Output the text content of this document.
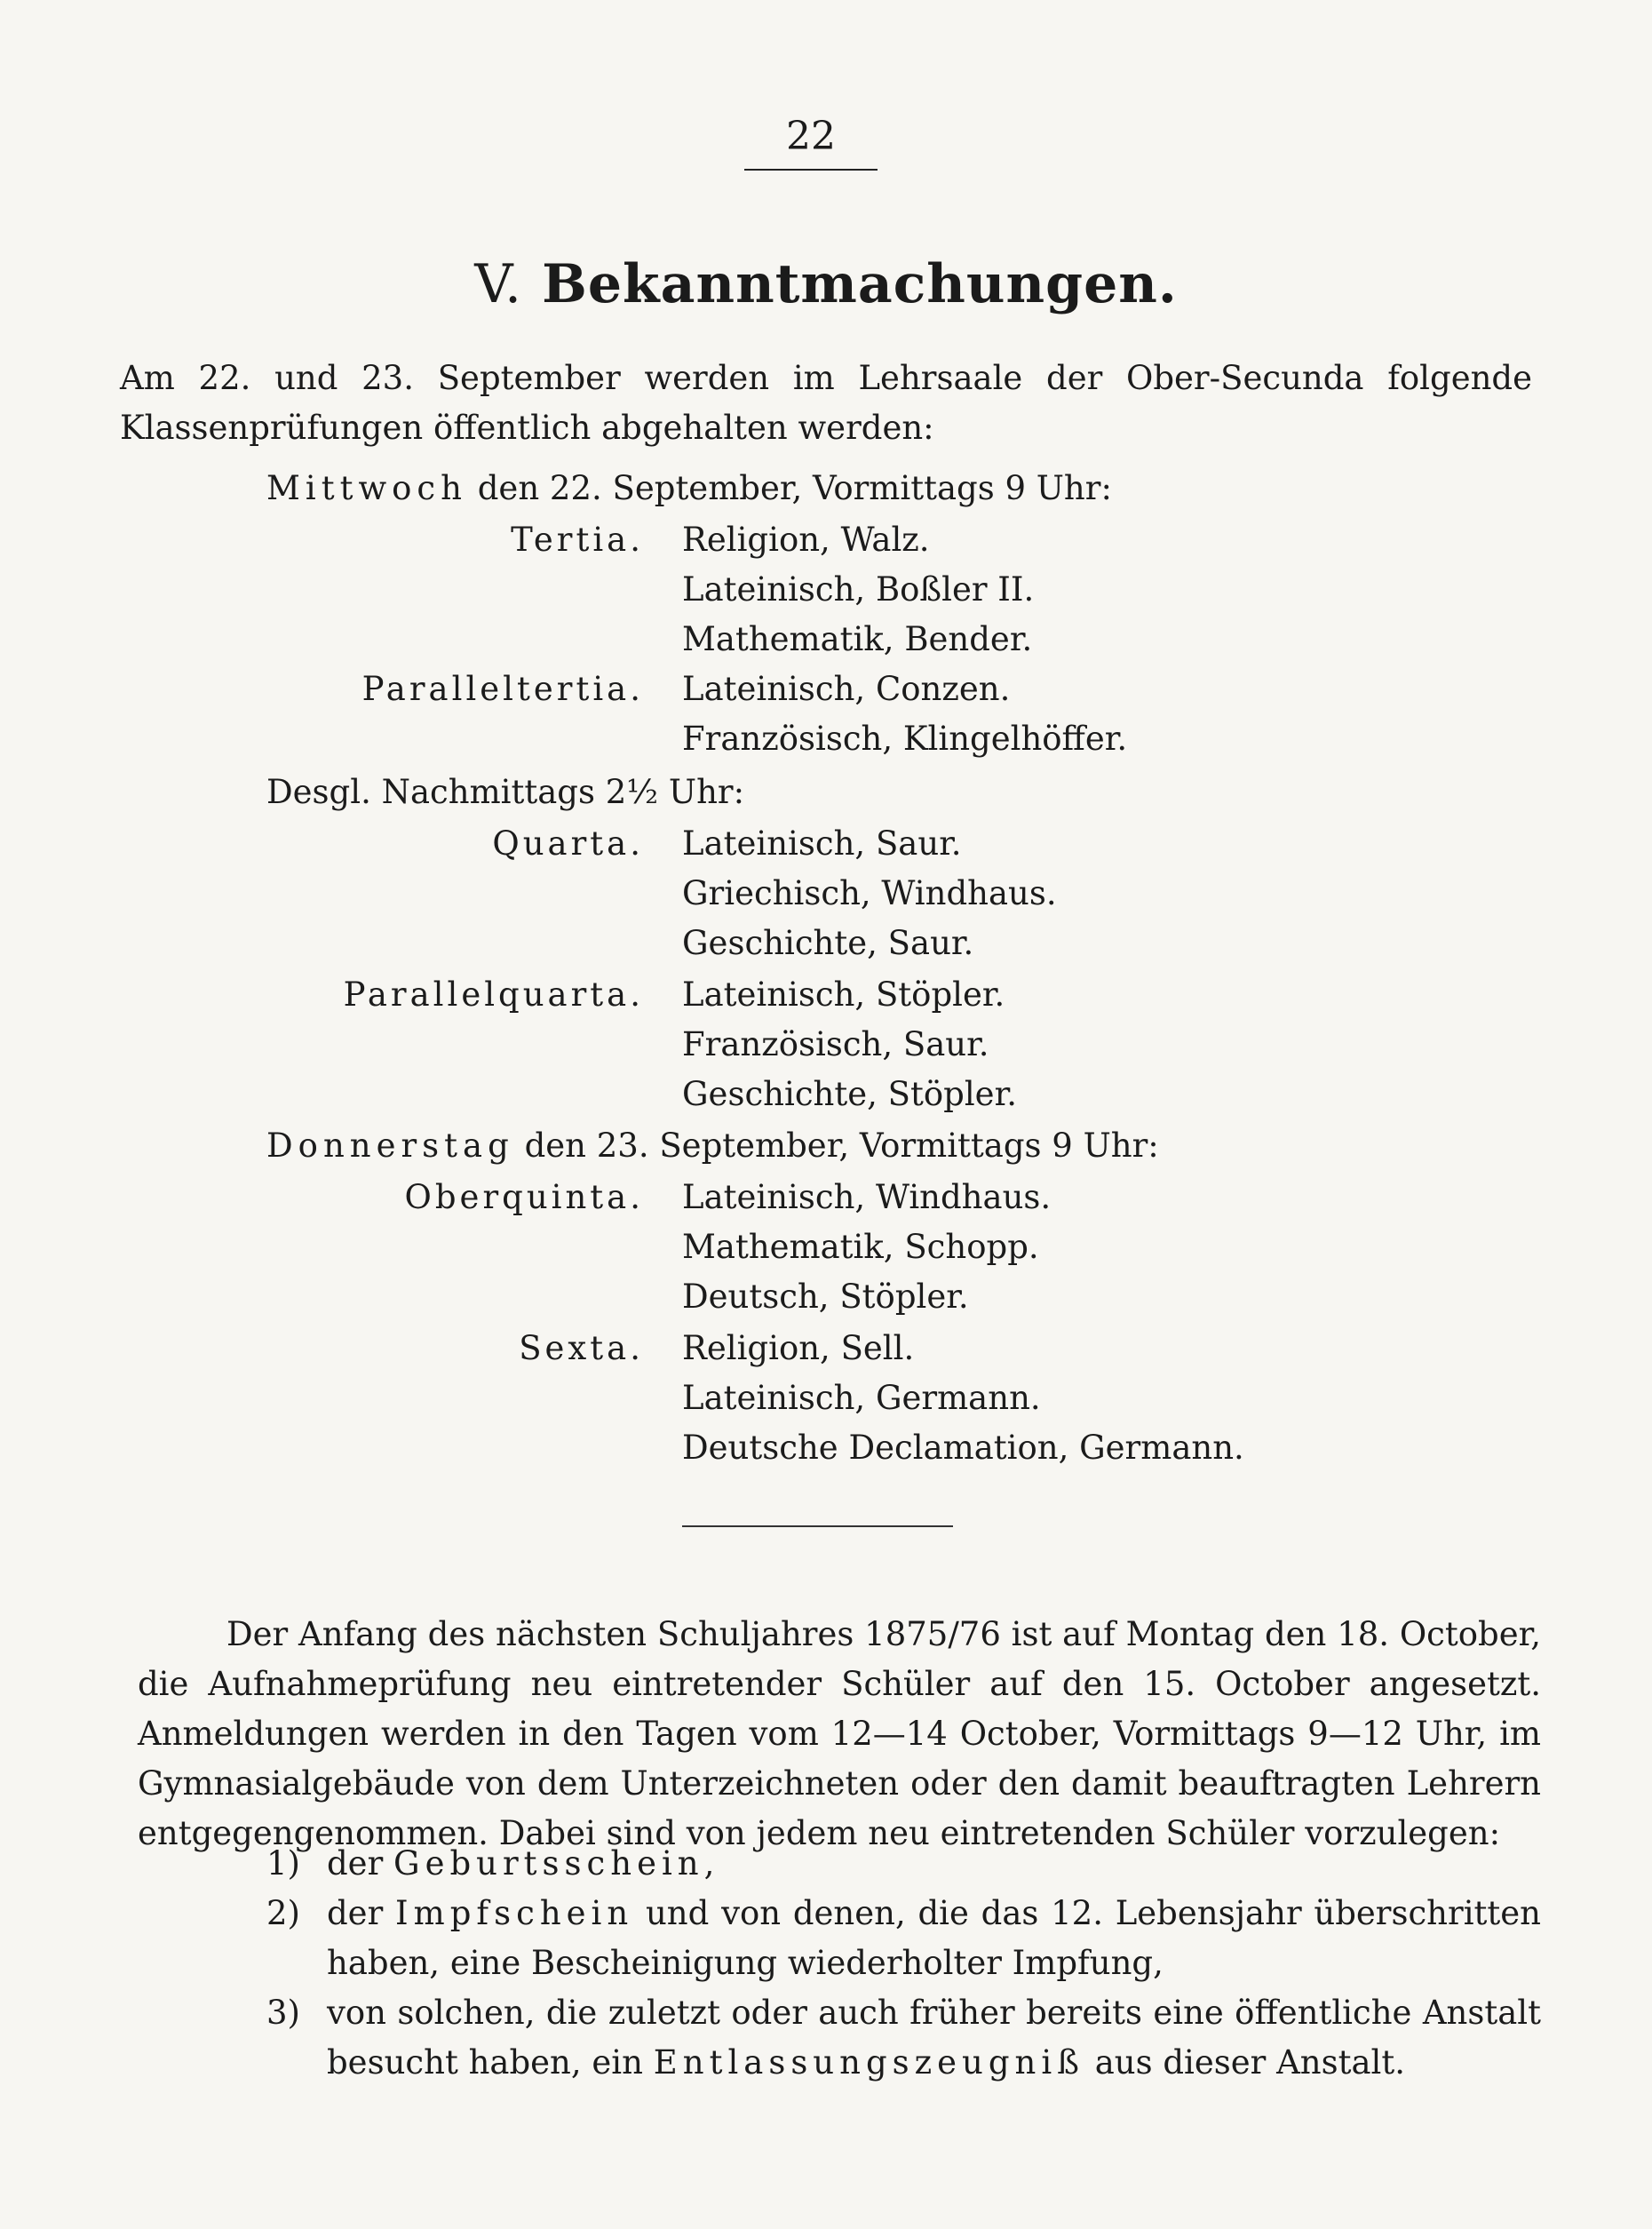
22
V. Bekanntmachungen.
Am 22. und 23. September werden im Lehrsaale der Ober-Secunda folgende Klassenprüfungen öffentlich abgehalten werden:
Mittwoch den 22. September, Vormittags 9 Uhr:
Tertia. Religion, Walz.
Lateinisch, Boßler II.
Mathematik, Bender.
Paralleltertia. Lateinisch, Conzen.
Französisch, Klingelhöffer.
Desgl. Nachmittags 2½ Uhr:
Quarta. Lateinisch, Saur.
Griechisch, Windhaus.
Geschichte, Saur.
Parallelquarta. Lateinisch, Stöpler.
Französisch, Saur.
Geschichte, Stöpler.
Donnerstag den 23. September, Vormittags 9 Uhr:
Oberquinta. Lateinisch, Windhaus.
Mathematik, Schopp.
Deutsch, Stöpler.
Sexta. Religion, Sell.
Lateinisch, Germann.
Deutsche Declamation, Germann.
Der Anfang des nächsten Schuljahres 1875/76 ist auf Montag den 18. October, die Aufnahmeprüfung neu eintretender Schüler auf den 15. October angesetzt. Anmeldungen werden in den Tagen vom 12—14 October, Vormittags 9—12 Uhr, im Gymnasialgebäude von dem Unterzeichneten oder den damit beauftragten Lehrern entgegengenommen. Dabei sind von jedem neu eintretenden Schüler vorzulegen:
1) der Geburtsschein,
2) der Impfschein und von denen, die das 12. Lebensjahr überschritten haben, eine Bescheinigung wiederholter Impfung,
3) von solchen, die zuletzt oder auch früher bereits eine öffentliche Anstalt besucht haben, ein Entlassungszeugniß aus dieser Anstalt.
